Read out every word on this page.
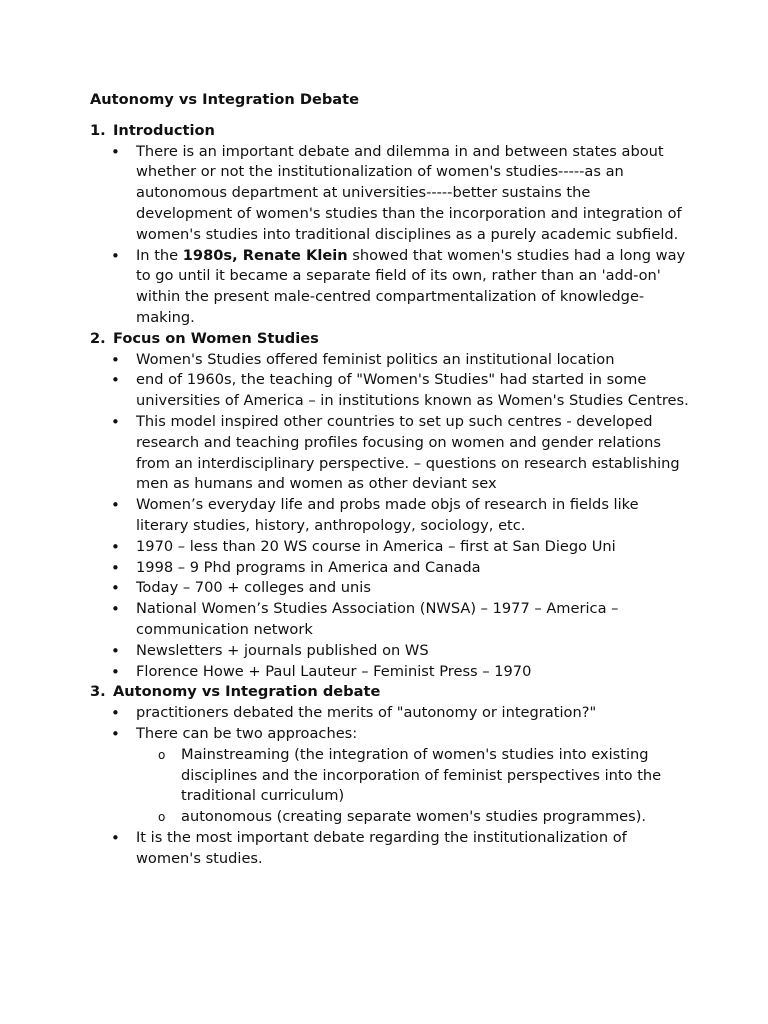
Autonomy vs Integration Debate
1. Introduction
• There is an important debate and dilemma in and between states about whether or not the institutionalization of women's studies-----as an autonomous department at universities-----better sustains the development of women's studies than the incorporation and integration of women's studies into traditional disciplines as a purely academic subfield.
• In the 1980s, Renate Klein showed that women's studies had a long way to go until it became a separate field of its own, rather than an 'add-on' within the present male-centred compartmentalization of knowledge-making.
2. Focus on Women Studies
• Women's Studies offered feminist politics an institutional location
• end of 1960s, the teaching of "Women's Studies" had started in some universities of America – in institutions known as Women's Studies Centres.
• This model inspired other countries to set up such centres - developed research and teaching profiles focusing on women and gender relations from an interdisciplinary perspective. – questions on research establishing men as humans and women as other deviant sex
• Women’s everyday life and probs made objs of research in fields like literary studies, history, anthropology, sociology, etc.
• 1970 – less than 20 WS course in America – first at San Diego Uni
• 1998 – 9 Phd programs in America and Canada
• Today – 700 + colleges and unis
• National Women’s Studies Association (NWSA) – 1977 – America – communication network
• Newsletters + journals published on WS
• Florence Howe + Paul Lauteur – Feminist Press – 1970
3. Autonomy vs Integration debate
• practitioners debated the merits of "autonomy or integration?"
• There can be two approaches:
o Mainstreaming (the integration of women's studies into existing disciplines and the incorporation of feminist perspectives into the traditional curriculum)
o autonomous (creating separate women's studies programmes).
• It is the most important debate regarding the institutionalization of women's studies.
